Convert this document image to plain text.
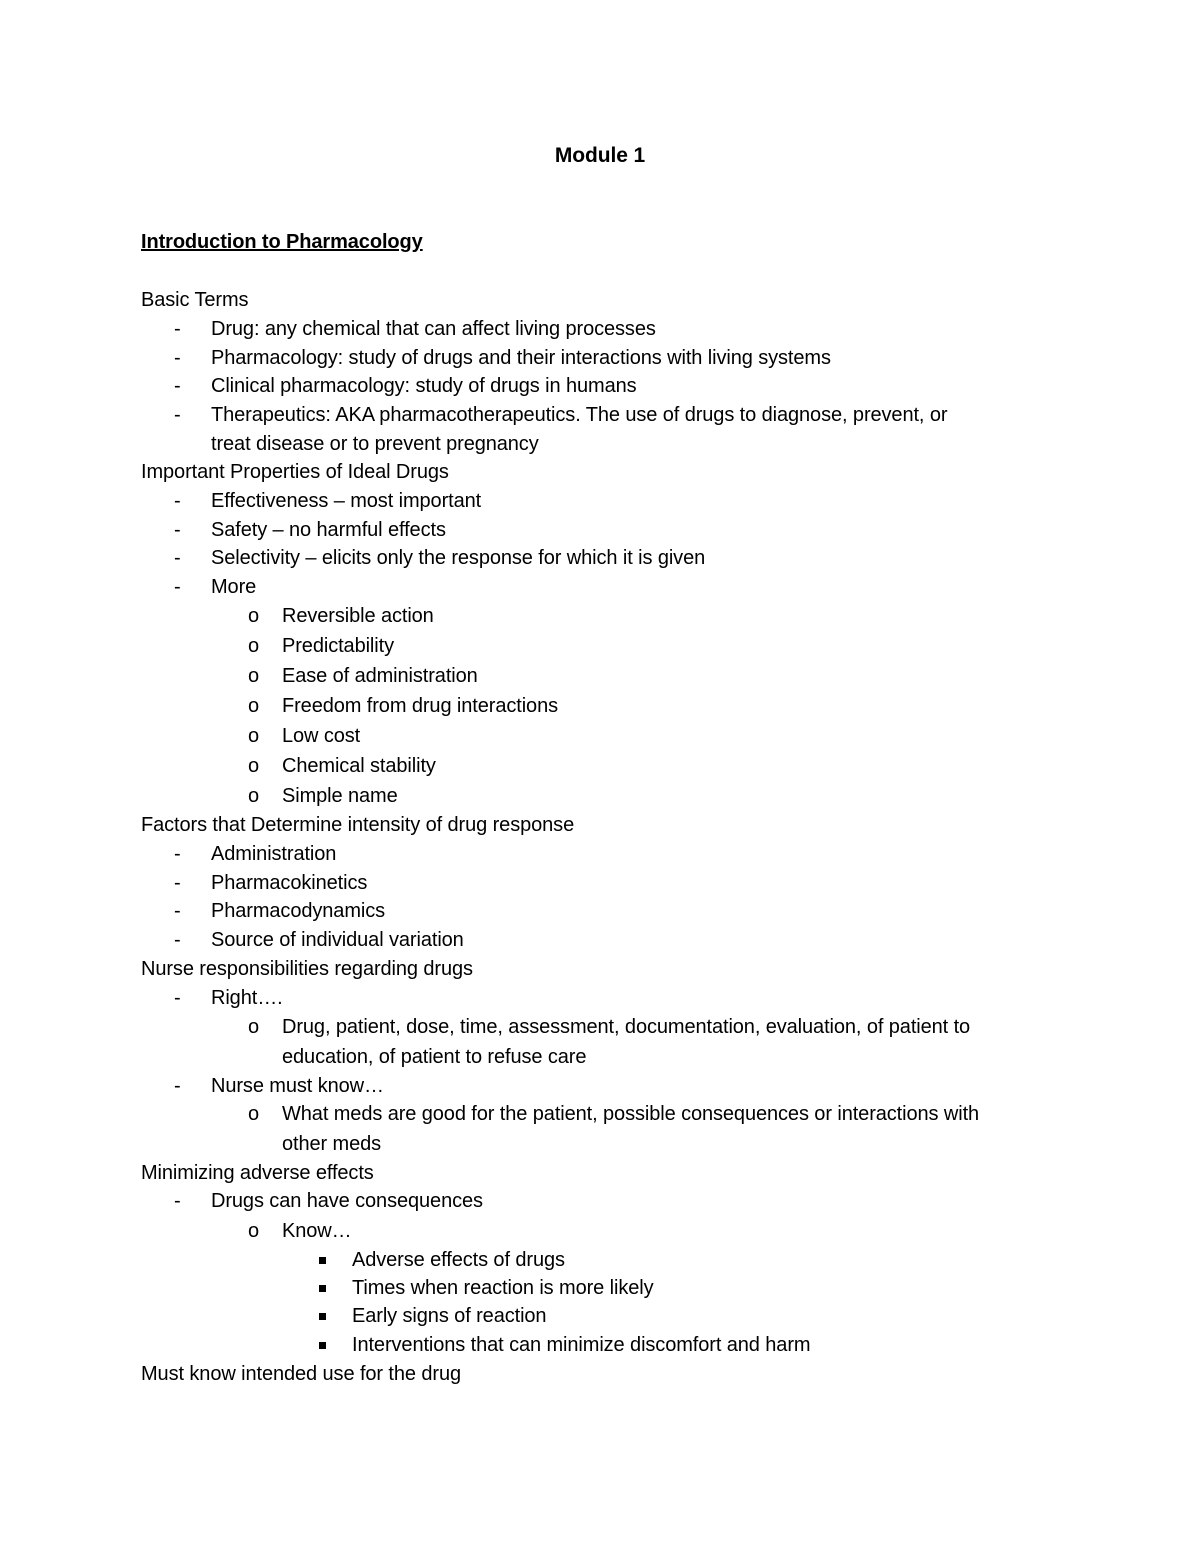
Module 1
Introduction to Pharmacology
Basic Terms
- Drug: any chemical that can affect living processes
- Pharmacology: study of drugs and their interactions with living systems
- Clinical pharmacology: study of drugs in humans
- Therapeutics: AKA pharmacotherapeutics. The use of drugs to diagnose, prevent, or
treat disease or to prevent pregnancy
Important Properties of Ideal Drugs
- Effectiveness – most important
- Safety – no harmful effects
- Selectivity – elicits only the response for which it is given
- More
o Reversible action
o Predictability
o Ease of administration
o Freedom from drug interactions
o Low cost
o Chemical stability
o Simple name
Factors that Determine intensity of drug response
- Administration
- Pharmacokinetics
- Pharmacodynamics
- Source of individual variation
Nurse responsibilities regarding drugs
- Right….
o Drug, patient, dose, time, assessment, documentation, evaluation, of patient to
education, of patient to refuse care
- Nurse must know…
o What meds are good for the patient, possible consequences or interactions with
other meds
Minimizing adverse effects
- Drugs can have consequences
o Know…
Adverse effects of drugs
Times when reaction is more likely
Early signs of reaction
Interventions that can minimize discomfort and harm
Must know intended use for the drug
